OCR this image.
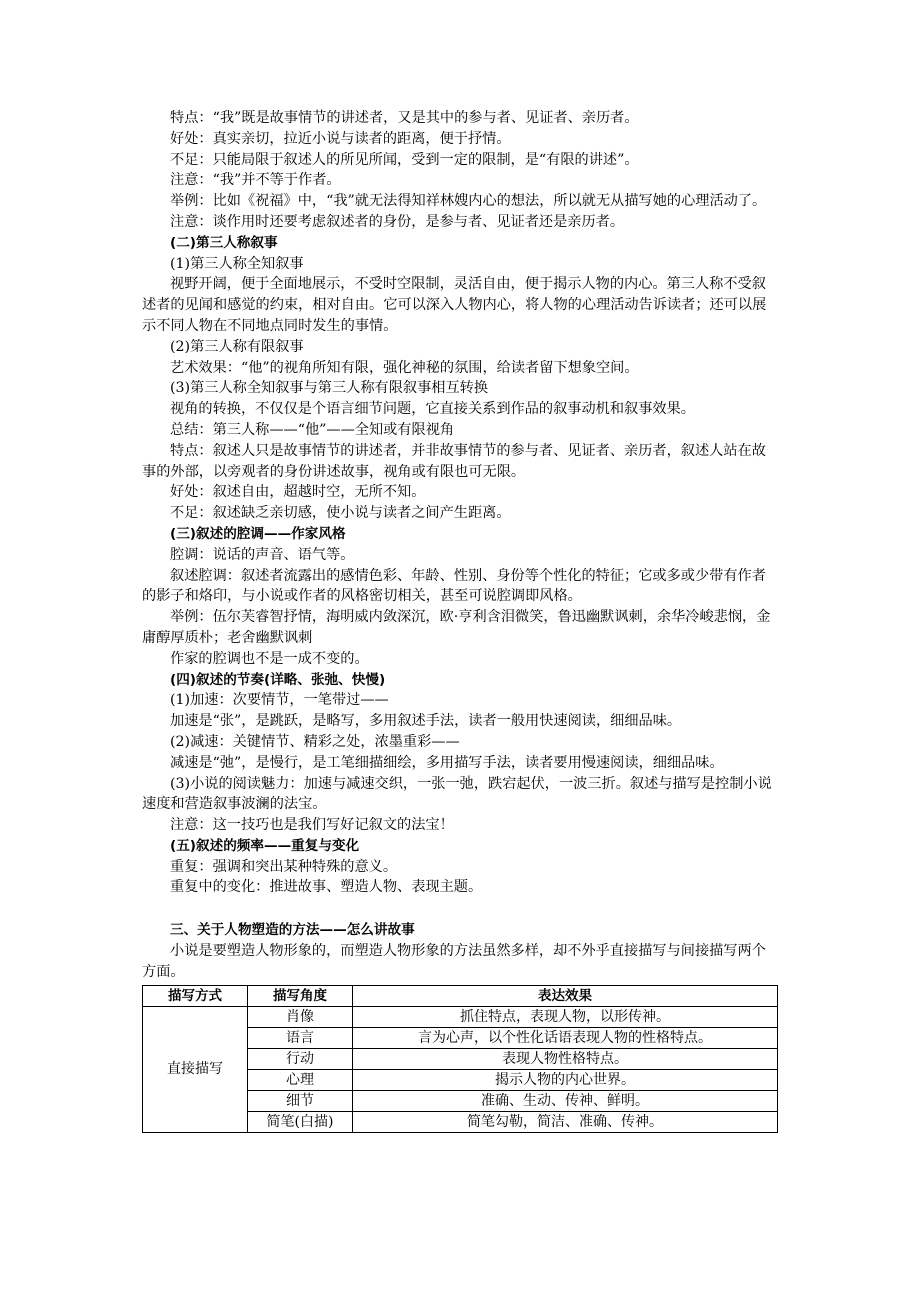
特点：“我”既是故事情节的讲述者，又是其中的参与者、见证者、亲历者。

好处：真实亲切，拉近小说与读者的距离，便于抒情。

不足：只能局限于叙述人的所见所闻，受到一定的限制，是“有限的讲述”。

注意：“我”并不等于作者。

举例：比如《祝福》中，“我”就无法得知祥林嫂内心的想法，所以就无从描写她的心理活动了。

注意：谈作用时还要考虑叙述者的身份，是参与者、见证者还是亲历者。

(二)第三人称叙事

(1)第三人称全知叙事

视野开阔，便于全面地展示，不受时空限制，灵活自由，便于揭示人物的内心。第三人称不受叙述者的见闻和感觉的约束，相对自由。它可以深入人物内心，将人物的心理活动告诉读者；还可以展示不同人物在不同地点同时发生的事情。

(2)第三人称有限叙事

艺术效果：“他”的视角所知有限，强化神秘的氛围，给读者留下想象空间。

(3)第三人称全知叙事与第三人称有限叙事相互转换

视角的转换，不仅仅是个语言细节问题，它直接关系到作品的叙事动机和叙事效果。

总结：第三人称——“他”——全知或有限视角

特点：叙述人只是故事情节的讲述者，并非故事情节的参与者、见证者、亲历者，叙述人站在故事的外部，以旁观者的身份讲述故事，视角或有限也可无限。

好处：叙述自由，超越时空，无所不知。

不足：叙述缺乏亲切感，使小说与读者之间产生距离。

(三)叙述的腔调——作家风格

腔调：说话的声音、语气等。

叙述腔调：叙述者流露出的感情色彩、年龄、性别、身份等个性化的特征；它或多或少带有作者的影子和烙印，与小说或作者的风格密切相关，甚至可说腔调即风格。

举例：伍尔芙睿智抒情，海明威内敛深沉，欧·亨利含泪微笑，鲁迅幽默讽刺，余华冷峻悲悯，金庸醇厚质朴；老舍幽默讽刺

作家的腔调也不是一成不变的。

(四)叙述的节奏(详略、张弛、快慢)

(1)加速：次要情节，一笔带过——

加速是“张”，是跳跃，是略写，多用叙述手法，读者一般用快速阅读，细细品味。

(2)减速：关键情节、精彩之处，浓墨重彩——

减速是“弛”，是慢行，是工笔细描细绘，多用描写手法，读者要用慢速阅读，细细品味。

(3)小说的阅读魅力：加速与减速交织，一张一弛，跌宕起伏，一波三折。叙述与描写是控制小说速度和营造叙事波澜的法宝。

注意：这一技巧也是我们写好记叙文的法宝！

(五)叙述的频率——重复与变化

重复：强调和突出某种特殊的意义。

重复中的变化：推进故事、塑造人物、表现主题。

三、关于人物塑造的方法——怎么讲故事

小说是要塑造人物形象的，而塑造人物形象的方法虽然多样，却不外乎直接描写与间接描写两个方面。

描写方式	描写角度	表达效果
直接描写	肖像	抓住特点，表现人物，以形传神。
	语言	言为心声，以个性化话语表现人物的性格特点。
	行动	表现人物性格特点。
	心理	揭示人物的内心世界。
	细节	准确、生动、传神、鲜明。
	简笔(白描)	简笔勾勒，简洁、准确、传神。
